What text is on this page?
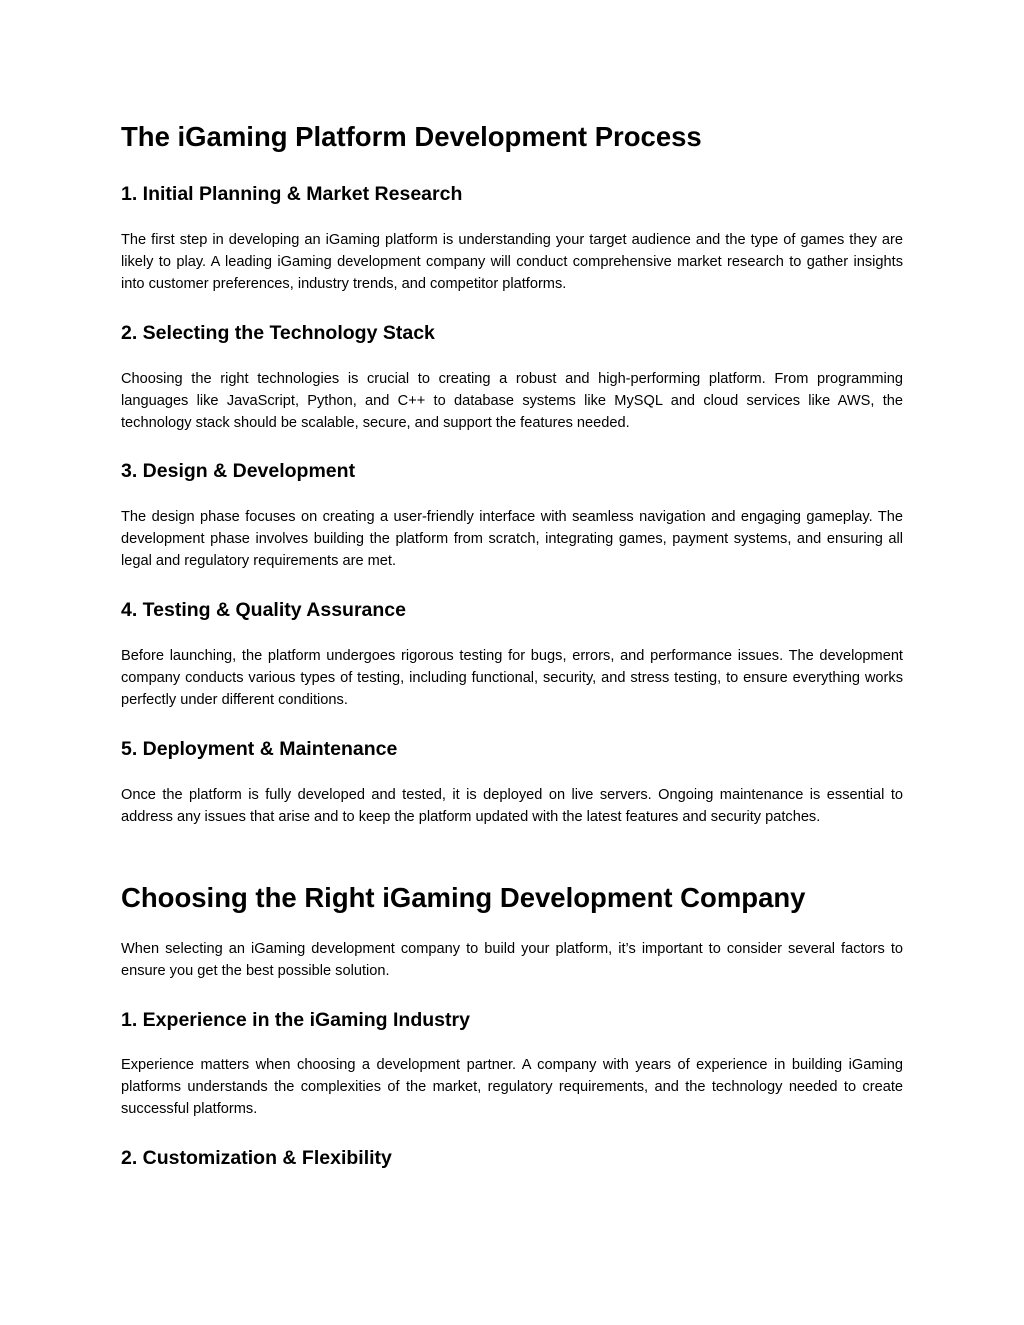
The iGaming Platform Development Process
1. Initial Planning & Market Research

The first step in developing an iGaming platform is understanding your target audience and the type of games they are likely to play. A leading iGaming development company will conduct comprehensive market research to gather insights into customer preferences, industry trends, and competitor platforms.

2. Selecting the Technology Stack

Choosing the right technologies is crucial to creating a robust and high-performing platform. From programming languages like JavaScript, Python, and C++ to database systems like MySQL and cloud services like AWS, the technology stack should be scalable, secure, and support the features needed.

3. Design & Development

The design phase focuses on creating a user-friendly interface with seamless navigation and engaging gameplay. The development phase involves building the platform from scratch, integrating games, payment systems, and ensuring all legal and regulatory requirements are met.

4. Testing & Quality Assurance

Before launching, the platform undergoes rigorous testing for bugs, errors, and performance issues. The development company conducts various types of testing, including functional, security, and stress testing, to ensure everything works perfectly under different conditions.

5. Deployment & Maintenance

Once the platform is fully developed and tested, it is deployed on live servers. Ongoing maintenance is essential to address any issues that arise and to keep the platform updated with the latest features and security patches.

Choosing the Right iGaming Development Company

When selecting an iGaming development company to build your platform, it’s important to consider several factors to ensure you get the best possible solution.

1. Experience in the iGaming Industry

Experience matters when choosing a development partner. A company with years of experience in building iGaming platforms understands the complexities of the market, regulatory requirements, and the technology needed to create successful platforms.

2. Customization & Flexibility
